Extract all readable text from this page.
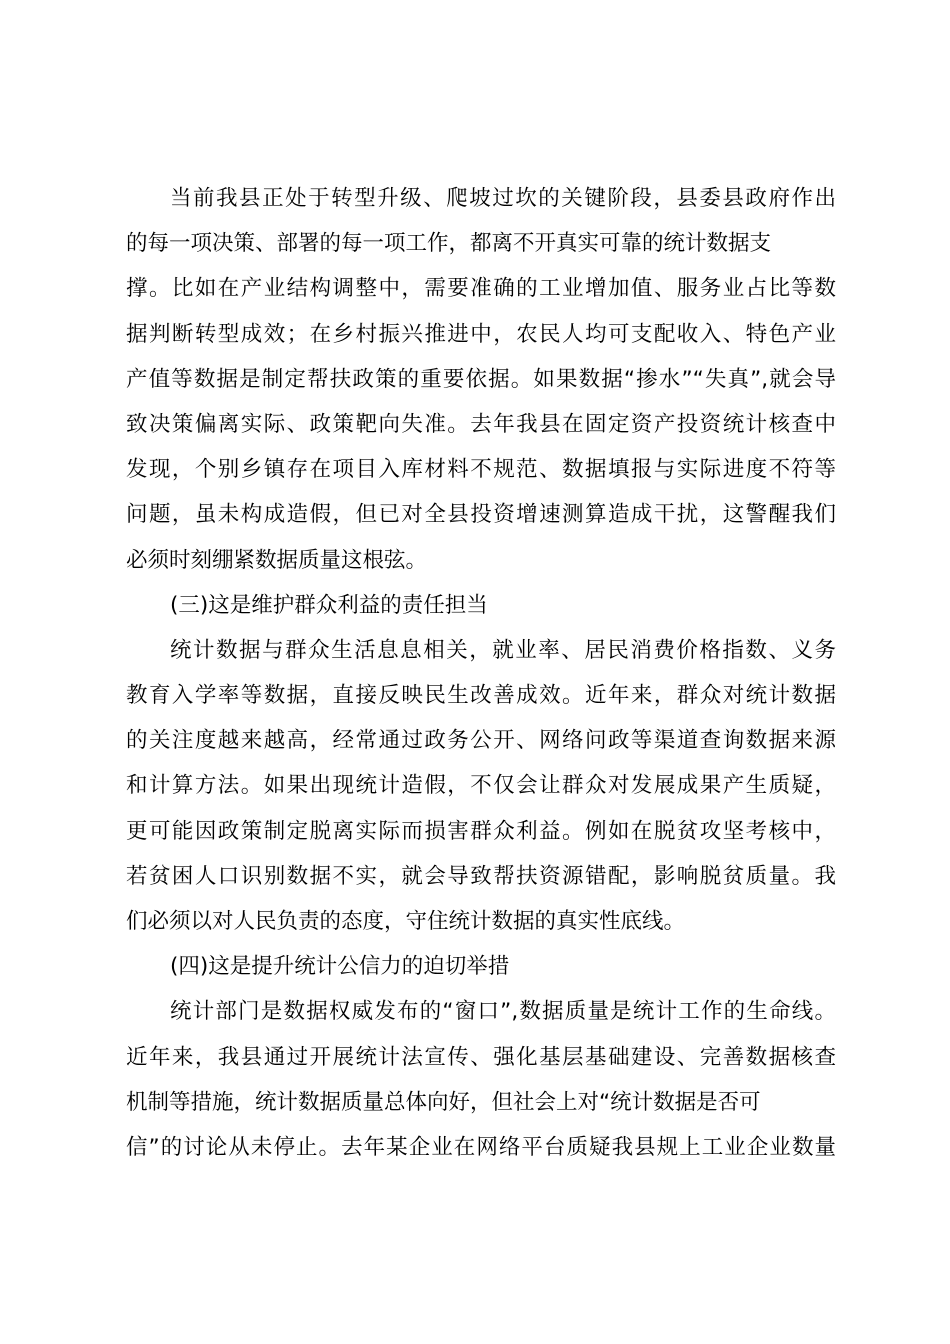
当前我县正处于转型升级、爬坡过坎的关键阶段，县委县政府作出
的每一项决策、部署的每一项工作，都离不开真实可靠的统计数据支
撑。比如在产业结构调整中，需要准确的工业增加值、服务业占比等数
据判断转型成效；在乡村振兴推进中，农民人均可支配收入、特色产业
产值等数据是制定帮扶政策的重要依据。如果数据“掺水”“失真”,就会导
致决策偏离实际、政策靶向失准。去年我县在固定资产投资统计核查中
发现，个别乡镇存在项目入库材料不规范、数据填报与实际进度不符等
问题，虽未构成造假，但已对全县投资增速测算造成干扰，这警醒我们
必须时刻绷紧数据质量这根弦。
(三)这是维护群众利益的责任担当
统计数据与群众生活息息相关，就业率、居民消费价格指数、义务
教育入学率等数据，直接反映民生改善成效。近年来，群众对统计数据
的关注度越来越高，经常通过政务公开、网络问政等渠道查询数据来源
和计算方法。如果出现统计造假，不仅会让群众对发展成果产生质疑，
更可能因政策制定脱离实际而损害群众利益。例如在脱贫攻坚考核中，
若贫困人口识别数据不实，就会导致帮扶资源错配，影响脱贫质量。我
们必须以对人民负责的态度，守住统计数据的真实性底线。
(四)这是提升统计公信力的迫切举措
统计部门是数据权威发布的“窗口”,数据质量是统计工作的生命线。
近年来，我县通过开展统计法宣传、强化基层基础建设、完善数据核查
机制等措施，统计数据质量总体向好，但社会上对“统计数据是否可
信”的讨论从未停止。去年某企业在网络平台质疑我县规上工业企业数量
